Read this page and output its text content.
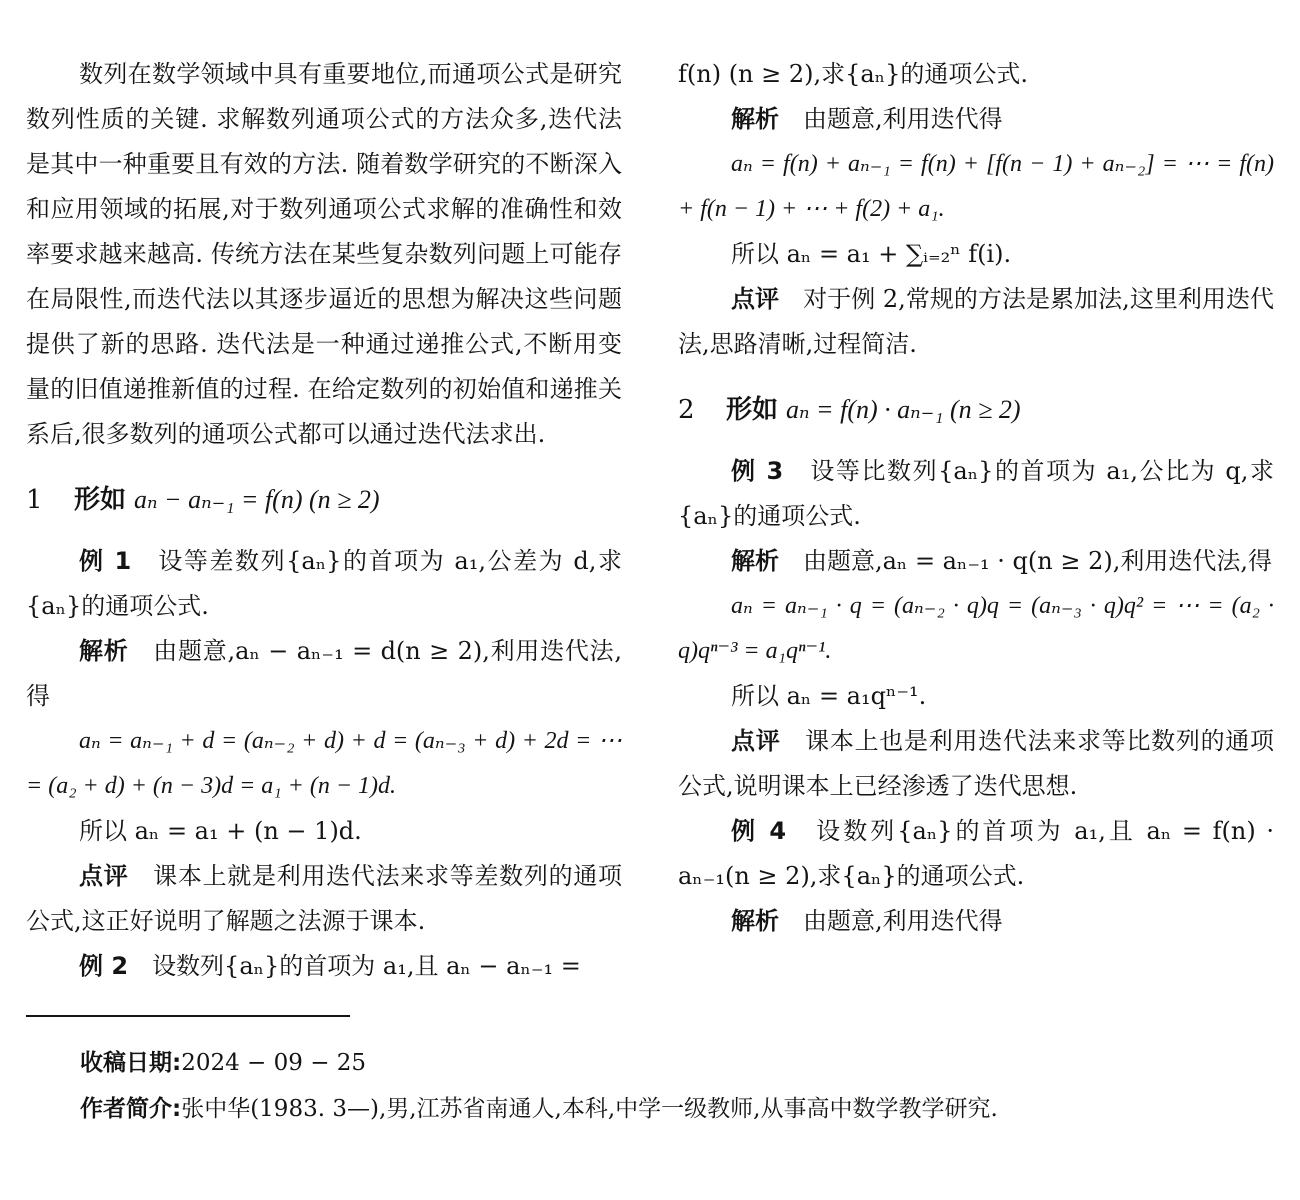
数列在数学领域中具有重要地位,而通项公式是研究数列性质的关键. 求解数列通项公式的方法众多,迭代法是其中一种重要且有效的方法. 随着数学研究的不断深入和应用领域的拓展,对于数列通项公式求解的准确性和效率要求越来越高. 传统方法在某些复杂数列问题上可能存在局限性,而迭代法以其逐步逼近的思想为解决这些问题提供了新的思路. 迭代法是一种通过递推公式,不断用变量的旧值递推新值的过程. 在给定数列的初始值和递推关系后,很多数列的通项公式都可以通过迭代法求出.

1 形如 aₙ − aₙ₋₁ = f(n) (n ≥ 2)

例 1　 设等差数列{aₙ}的首项为 a₁,公差为 d,求{aₙ}的通项公式.

解析　 由题意,aₙ − aₙ₋₁ = d(n ≥ 2),利用迭代法,得

aₙ = aₙ₋₁ + d = (aₙ₋₂ + d) + d = (aₙ₋₃ + d) + 2d = ⋯ = (a₂ + d) + (n − 3)d = a₁ + (n − 1)d.

所以 aₙ = a₁ + (n − 1)d.

点评　 课本上就是利用迭代法来求等差数列的通项公式,这正好说明了解题之法源于课本.

例 2　 设数列{aₙ}的首项为 a₁,且 aₙ − aₙ₋₁ =

f(n) (n ≥ 2),求{aₙ}的通项公式.

解析　 由题意,利用迭代得

aₙ = f(n) + aₙ₋₁ = f(n) + [f(n − 1) + aₙ₋₂] = ⋯ = f(n) + f(n − 1) + ⋯ + f(2) + a₁.

所以 aₙ = a₁ + ∑ᵢ₌₂ⁿ f(i).

点评　 对于例 2,常规的方法是累加法,这里利用迭代法,思路清晰,过程简洁.

2 形如 aₙ = f(n) · aₙ₋₁ (n ≥ 2)

例 3　 设等比数列{aₙ}的首项为 a₁,公比为 q,求{aₙ}的通项公式.

解析　 由题意,aₙ = aₙ₋₁ · q(n ≥ 2),利用迭代法,得

aₙ = aₙ₋₁ · q = (aₙ₋₂ · q)q = (aₙ₋₃ · q)q² = ⋯ = (a₂ · q)qⁿ⁻³ = a₁qⁿ⁻¹.

所以 aₙ = a₁qⁿ⁻¹.

点评　 课本上也是利用迭代法来求等比数列的通项公式,说明课本上已经渗透了迭代思想.

例 4　 设数列{aₙ}的首项为 a₁,且 aₙ = f(n) · aₙ₋₁(n ≥ 2),求{aₙ}的通项公式.

解析　 由题意,利用迭代得

收稿日期:2024 − 09 − 25
作者简介:张中华(1983. 3—),男,江苏省南通人,本科,中学一级教师,从事高中数学教学研究.
